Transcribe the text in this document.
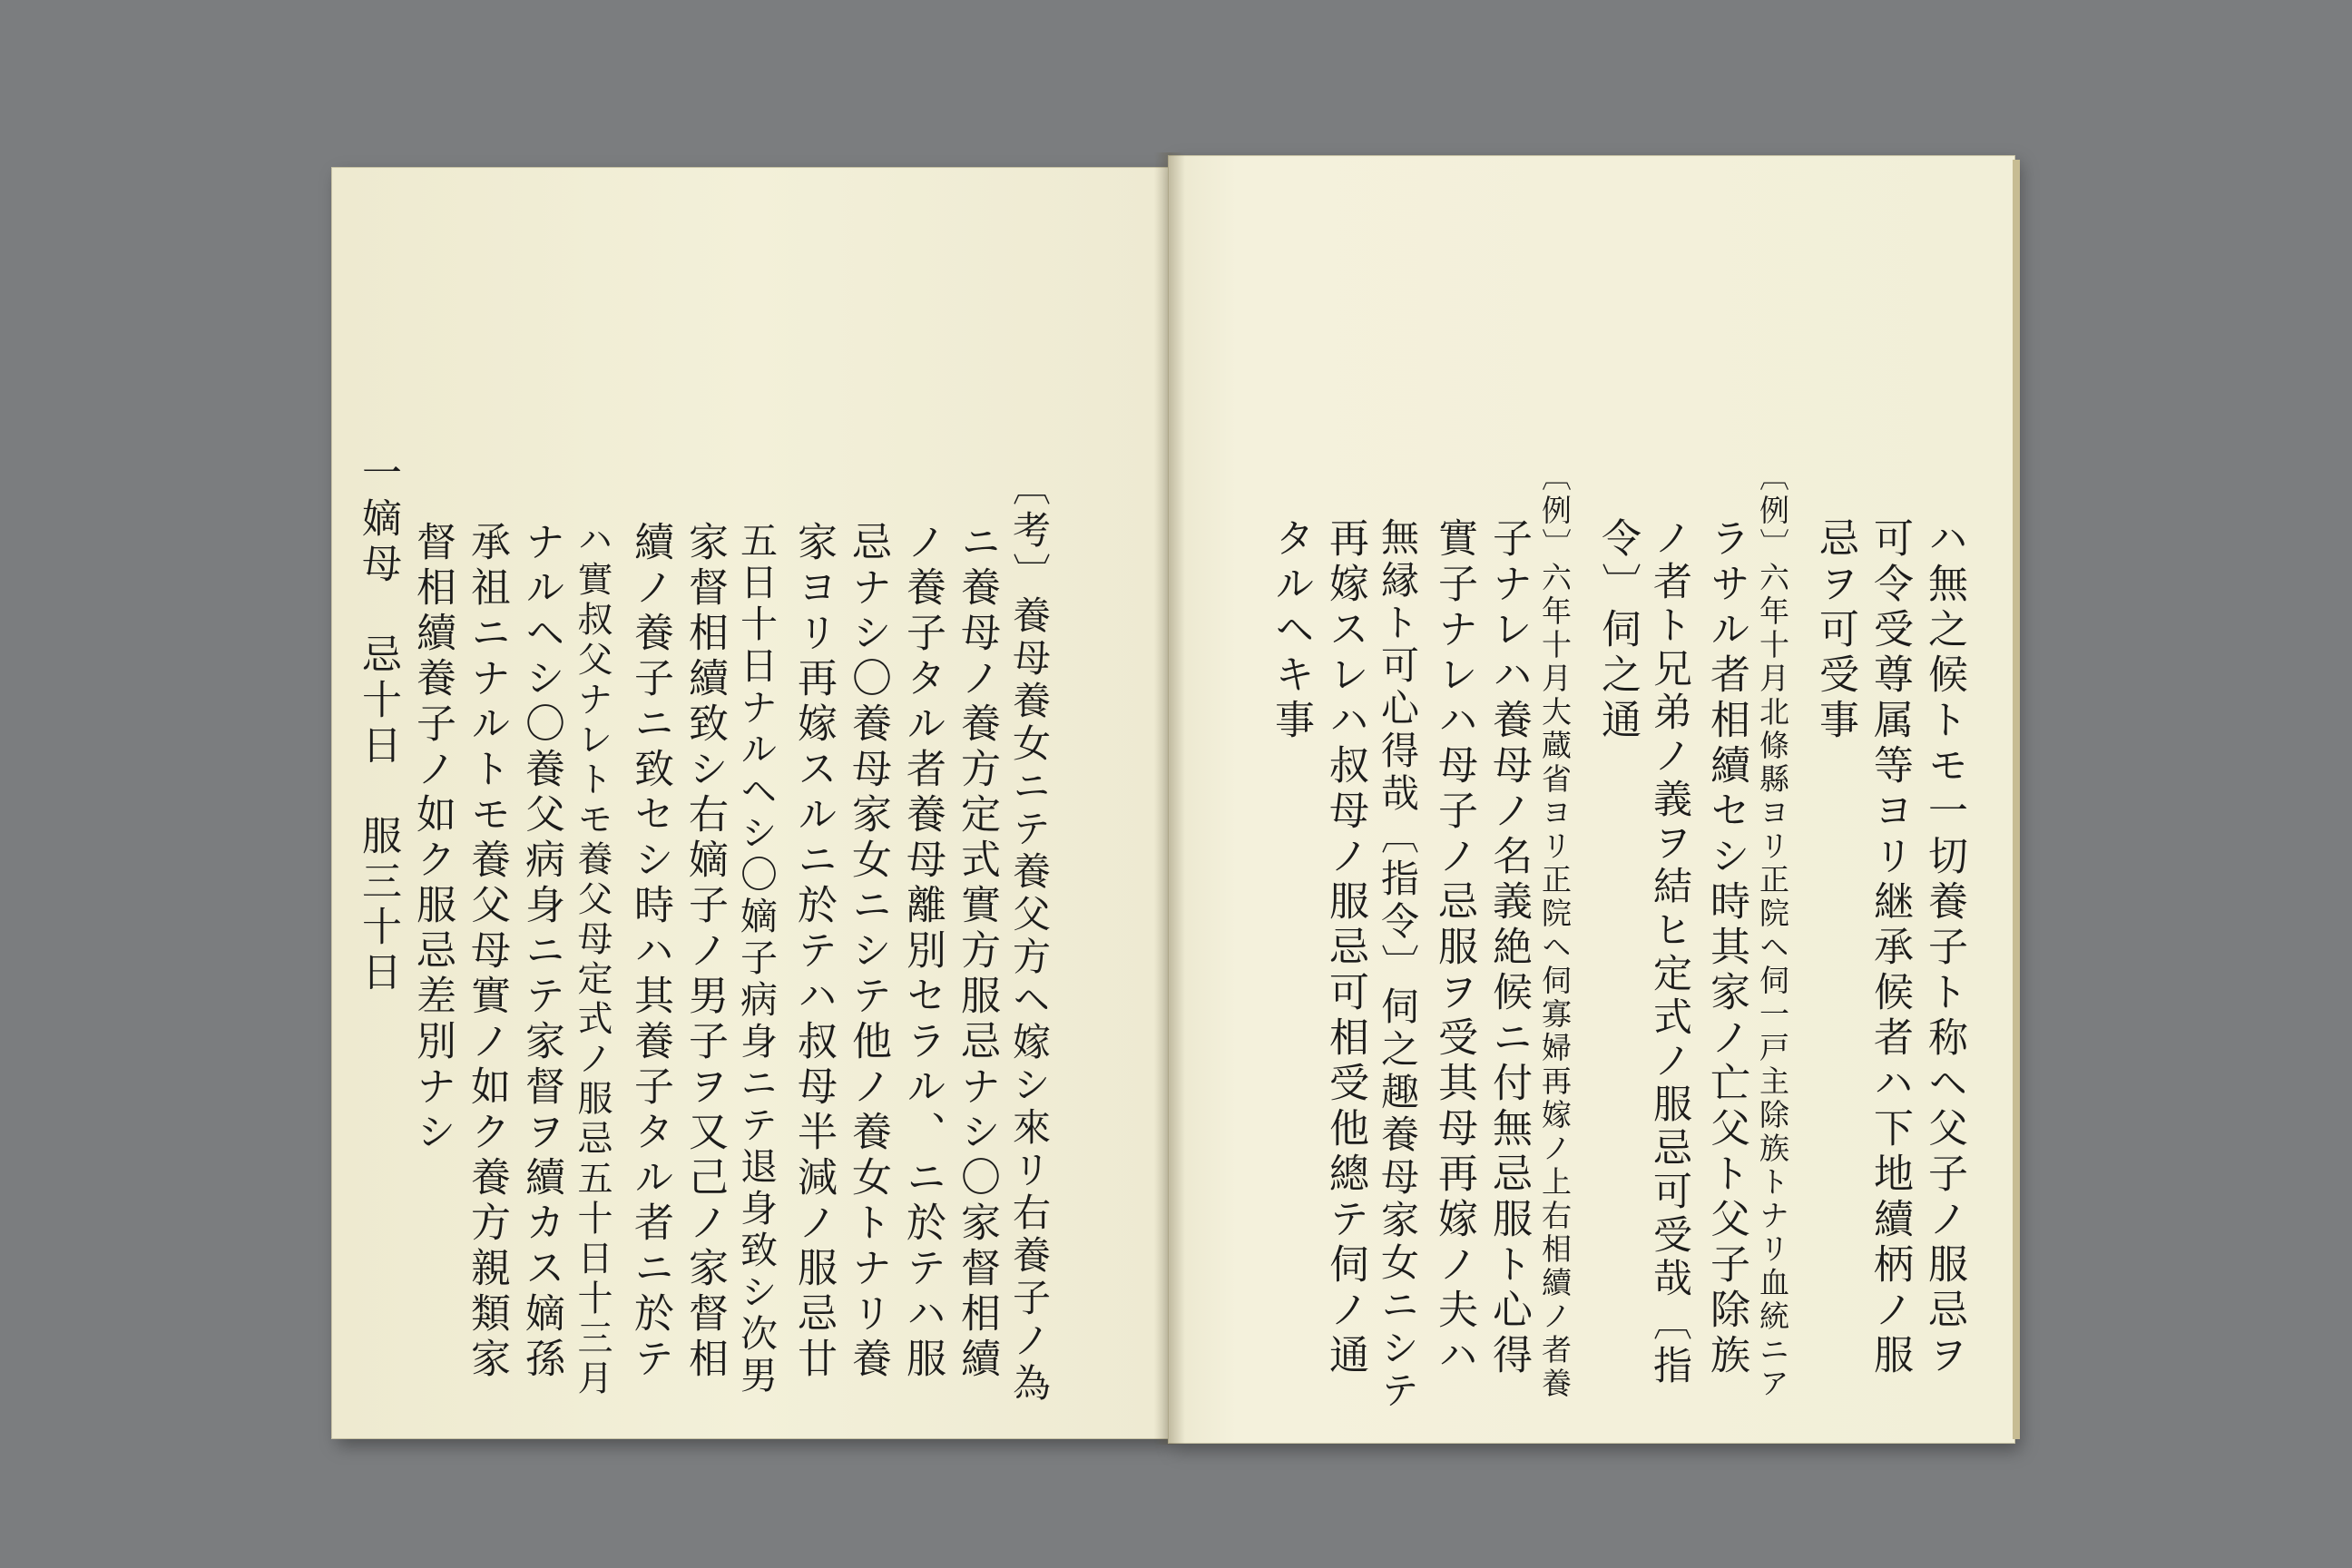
〔考〕養母養女ニテ養父方ヘ嫁シ來リ右養子ノ為
ニ養母ノ養方定式實方服忌ナシ〇家督相續
ノ養子タル者養母離別セラル、ニ於テハ服
忌ナシ〇養母家女ニシテ他ノ養女トナリ養
家ヨリ再嫁スルニ於テハ叔母半減ノ服忌廿
五日十日ナルヘシ〇嫡子病身ニテ退身致シ次男
家督相續致シ右嫡子ノ男子ヲ又己ノ家督相
續ノ養子ニ致セシ時ハ其養子タル者ニ於テ
ハ實叔父ナレトモ養父母定式ノ服忌五十日十三月
ナルヘシ〇養父病身ニテ家督ヲ續カス嫡孫
承祖ニナルトモ養父母實ノ如ク養方親類家
督相續養子ノ如ク服忌差別ナシ
一嫡母　忌十日　服三十日	ハ無之候トモ一切養子ト称ヘ父子ノ服忌ヲ
可令受尊属等ヨリ継承候者ハ下地續柄ノ服
忌ヲ可受事
〔例〕六年十月北條縣ヨリ正院ヘ伺一戸主除族トナリ血統ニア
ラサル者相續セシ時其家ノ亡父ト父子除族
ノ者ト兄弟ノ義ヲ結ヒ定式ノ服忌可受哉〔指
令〕伺之通
〔例〕六年十月大蔵省ヨリ正院ヘ伺寡婦再嫁ノ上右相續ノ者養
子ナレハ養母ノ名義絶候ニ付無忌服ト心得
實子ナレハ母子ノ忌服ヲ受其母再嫁ノ夫ハ
無縁ト可心得哉〔指令〕伺之趣養母家女ニシテ
再嫁スレハ叔母ノ服忌可相受他總テ伺ノ通
タルヘキ事
